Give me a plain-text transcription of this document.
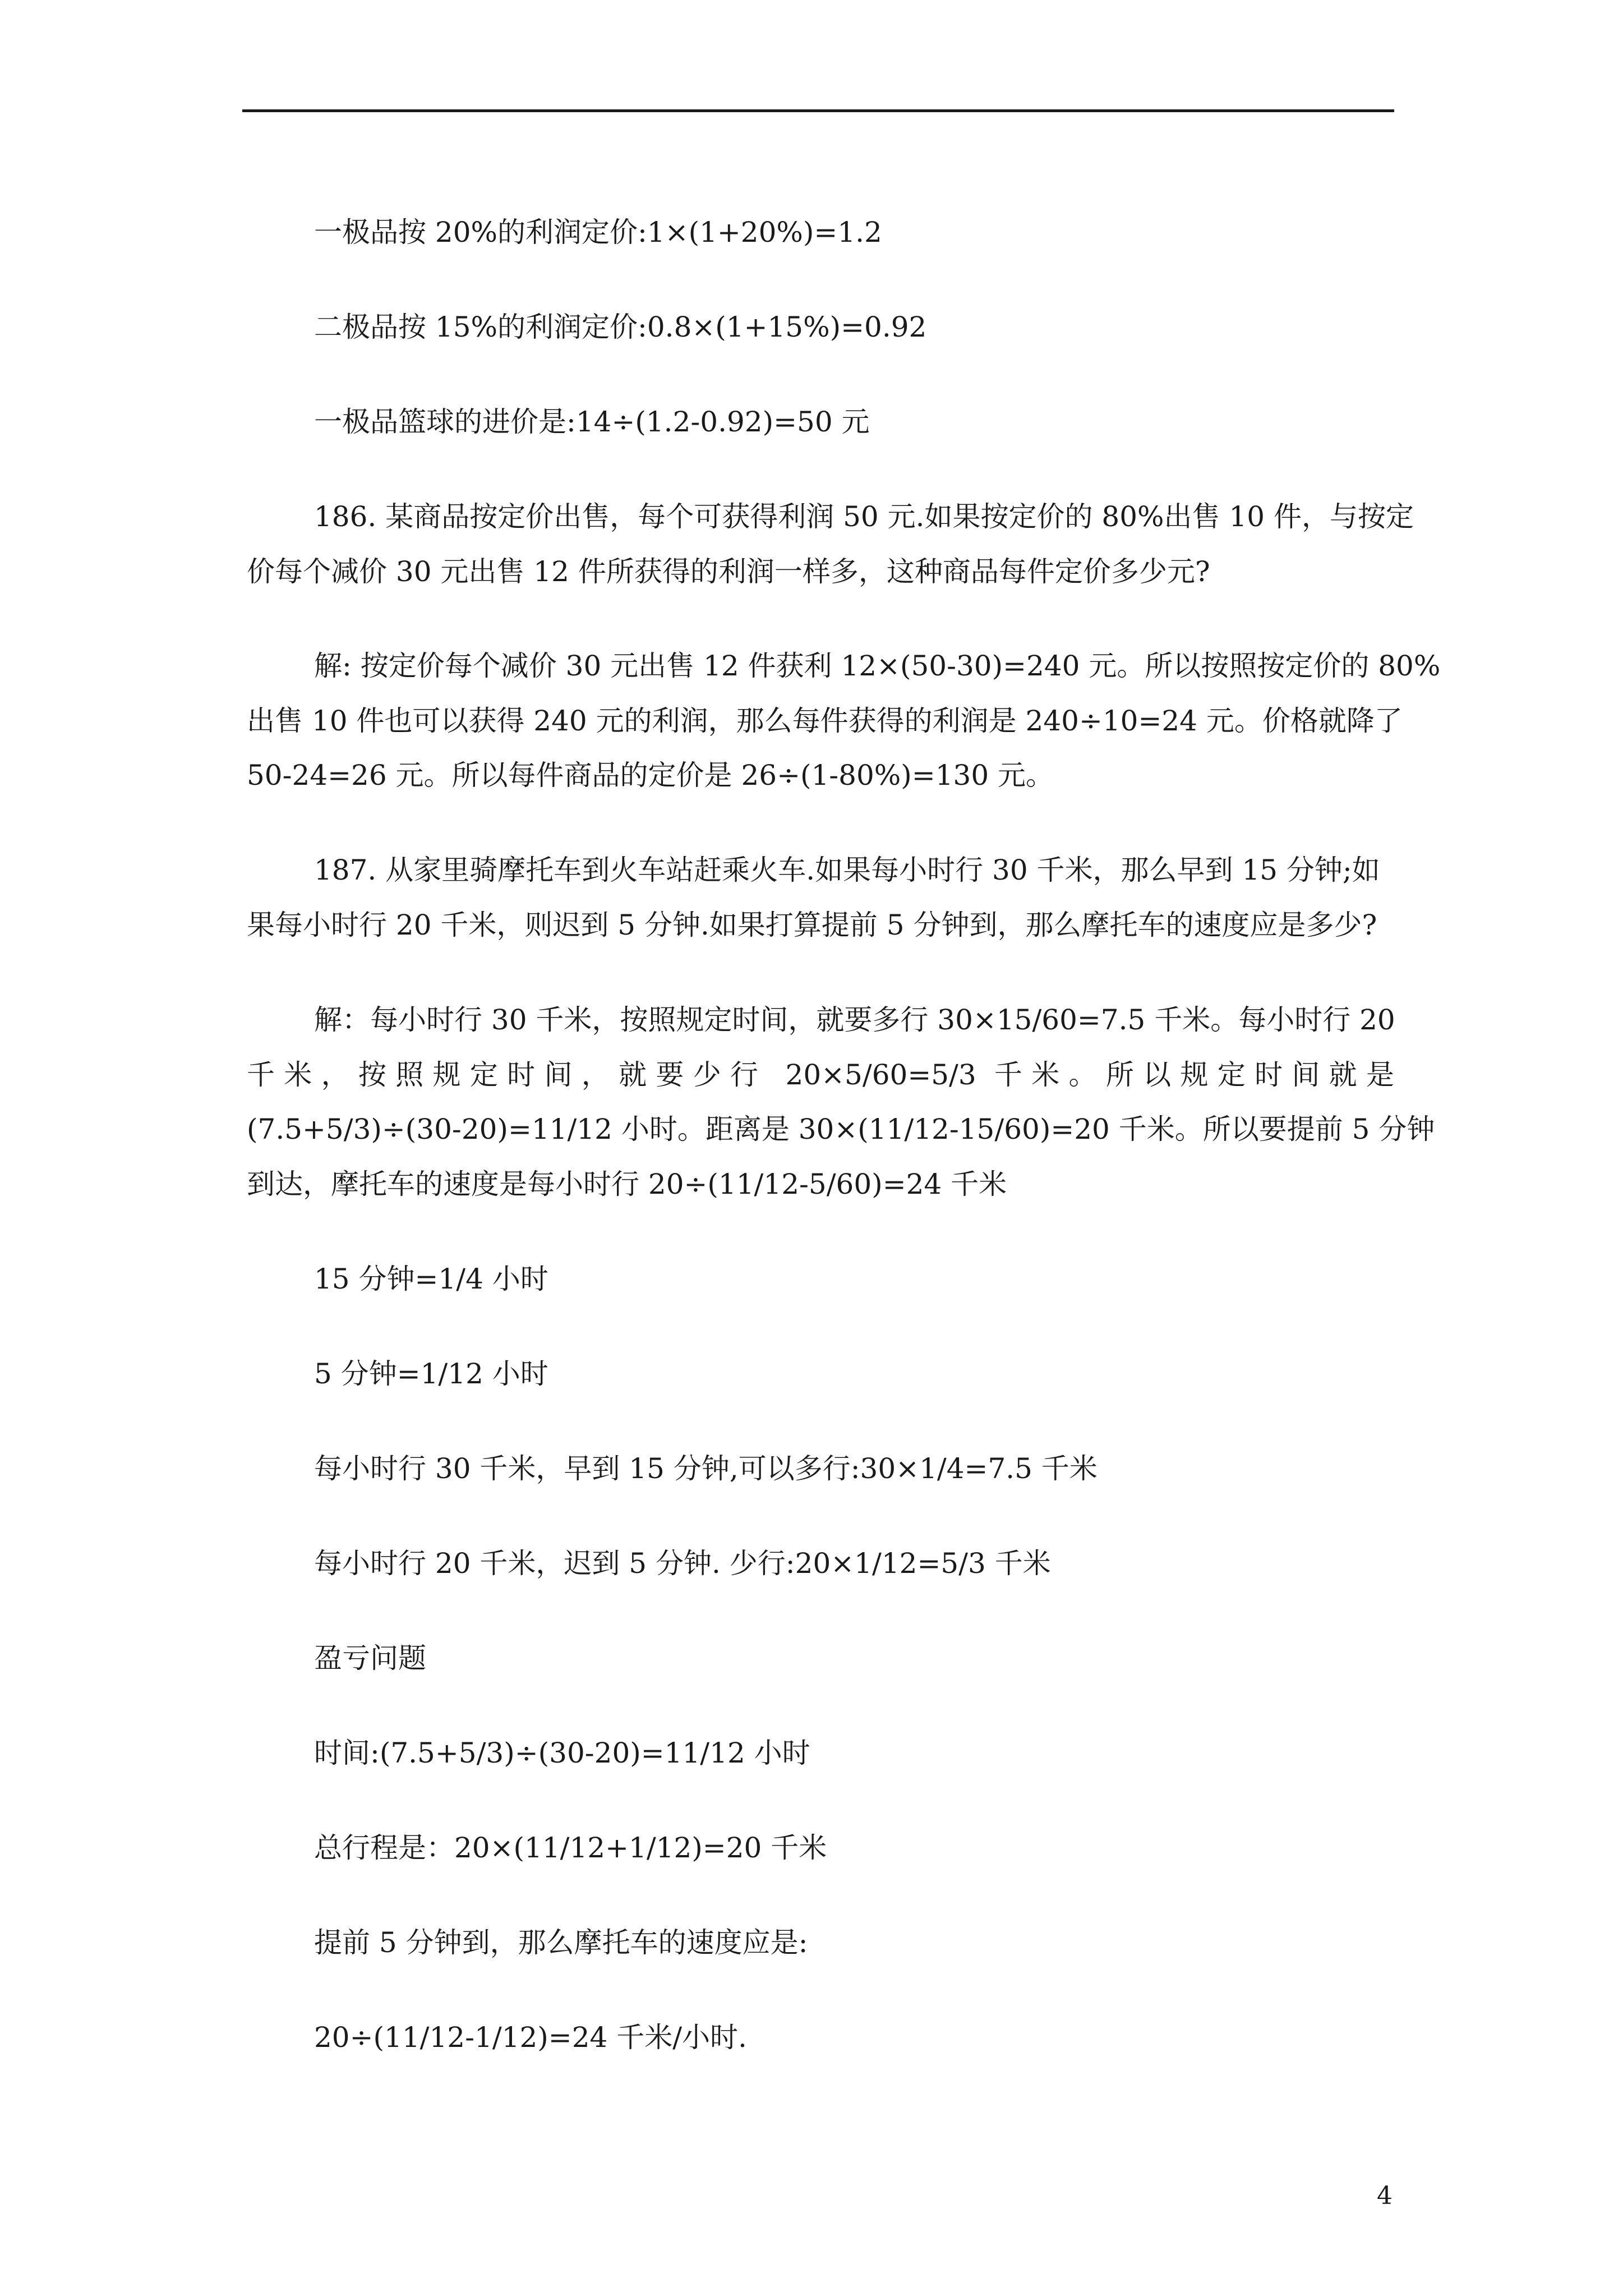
一极品按 20%的利润定价:1×(1+20%)=1.2
二极品按 15%的利润定价:0.8×(1+15%)=0.92
一极品篮球的进价是:14÷(1.2-0.92)=50 元
186. 某商品按定价出售，每个可获得利润 50 元.如果按定价的 80%出售 10 件，与按定
价每个减价 30 元出售 12 件所获得的利润一样多，这种商品每件定价多少元?
解: 按定价每个减价 30 元出售 12 件获利 12×(50-30)=240 元。所以按照按定价的 80%
出售 10 件也可以获得 240 元的利润，那么每件获得的利润是 240÷10=24 元。价格就降了
50-24=26 元。所以每件商品的定价是 26÷(1-80%)=130 元。
187. 从家里骑摩托车到火车站赶乘火车.如果每小时行 30 千米，那么早到 15 分钟;如
果每小时行 20 千米，则迟到 5 分钟.如果打算提前 5 分钟到，那么摩托车的速度应是多少?
解：每小时行 30 千米，按照规定时间，就要多行 30×15/60=7.5 千米。每小时行 20
千米，按照规定时间，就要少行 20×5/60=5/3 千米。所以规定时间就是
(7.5+5/3)÷(30-20)=11/12 小时。距离是 30×(11/12-15/60)=20 千米。所以要提前 5 分钟
到达，摩托车的速度是每小时行 20÷(11/12-5/60)=24 千米
15 分钟=1/4 小时
5 分钟=1/12 小时
每小时行 30 千米，早到 15 分钟,可以多行:30×1/4=7.5 千米
每小时行 20 千米，迟到 5 分钟. 少行:20×1/12=5/3 千米
盈亏问题
时间:(7.5+5/3)÷(30-20)=11/12 小时
总行程是：20×(11/12+1/12)=20 千米
提前 5 分钟到，那么摩托车的速度应是:
20÷(11/12-1/12)=24 千米/小时.
4
